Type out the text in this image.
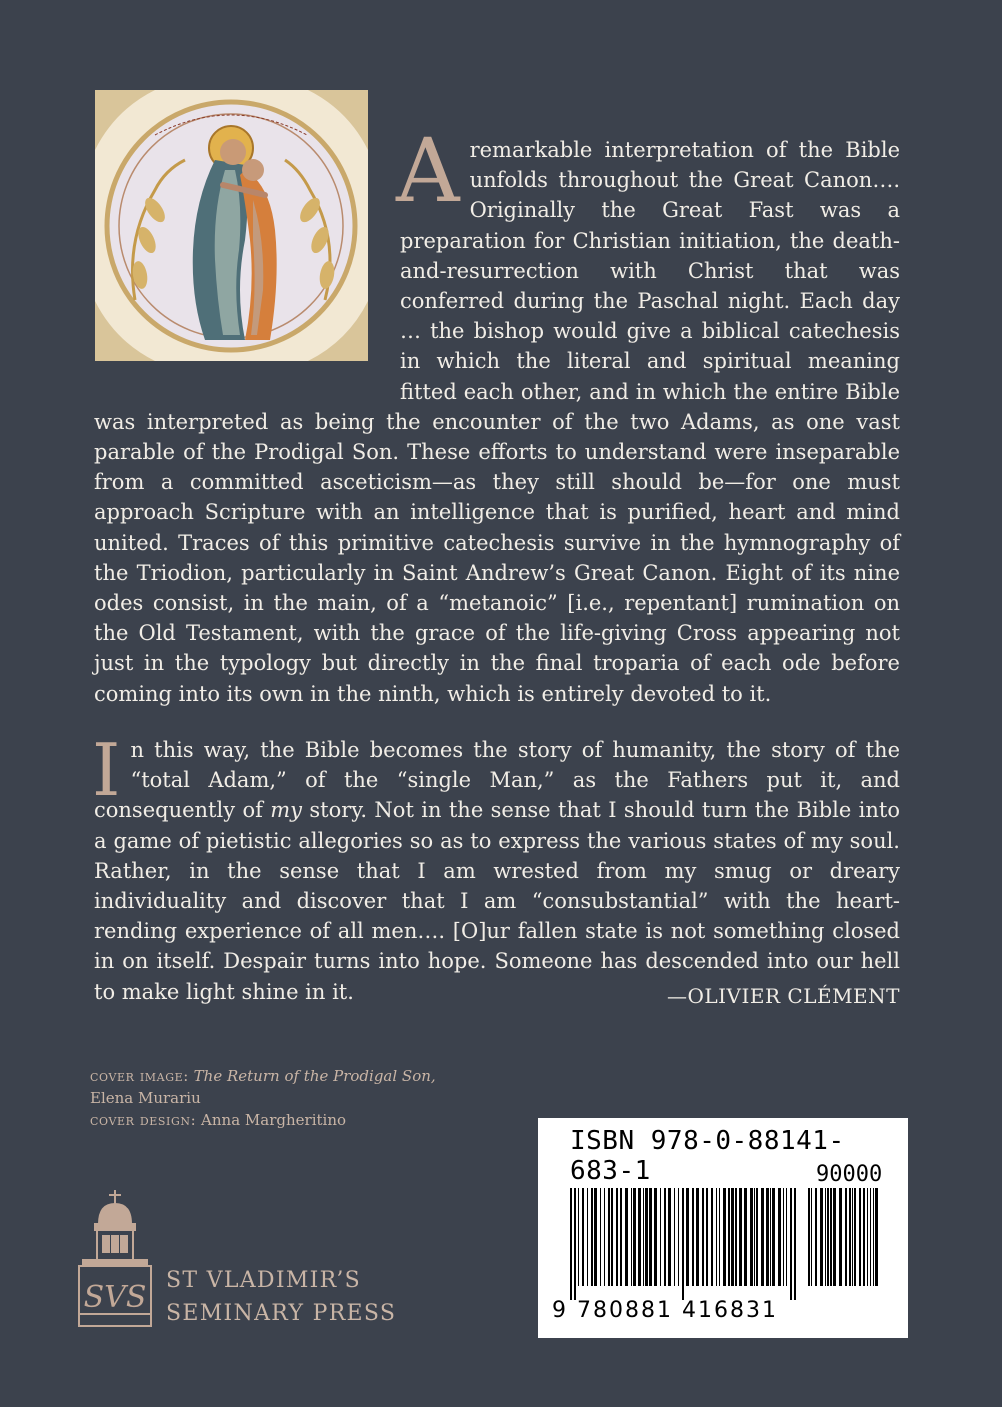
Aremarkable interpretation of the Bible unfolds throughout the Great Canon…. Originally the Great Fast was a preparation for Christian initiation, the death-and-resurrection with Christ that was conferred during the Paschal night. Each day … the bishop would give a biblical catechesis in which the literal and spiritual meaning fitted each other, and in which the entire Bible was interpreted as being the encounter of the two Adams, as one vast parable of the Prodigal Son. These efforts to understand were inseparable from a committed asceticism—as they still should be—for one must approach Scripture with an intelligence that is purified, heart and mind united. Traces of this primitive catechesis survive in the hymnography of the Triodion, particularly in Saint Andrew’s Great Canon. Eight of its nine odes consist, in the main, of a “metanoic” [i.e., repentant] rumination on the Old Testament, with the grace of the life-giving Cross appearing not just in the typology but directly in the final troparia of each ode before coming into its own in the ninth, which is entirely devoted to it.

In this way, the Bible becomes the story of humanity, the story of the “total Adam,” of the “single Man,” as the Fathers put it, and consequently of my story. Not in the sense that I should turn the Bible into a game of pietistic allegories so as to express the various states of my soul. Rather, in the sense that I am wrested from my smug or dreary individuality and discover that I am “consubstantial” with the heart-rending experience of all men…. [O]ur fallen state is not something closed in on itself. Despair turns into hope. Someone has descended into our hell to make light shine in it.	—OLIVIER CLÉMENT
cover image: The Return of the Prodigal Son,
Elena Murariu
cover design: Anna Margheritino
ISBN 978-0-88141-683-1	90000
9 780881 416831
SVS ST VLADIMIR’S
SEMINARY PRESS
